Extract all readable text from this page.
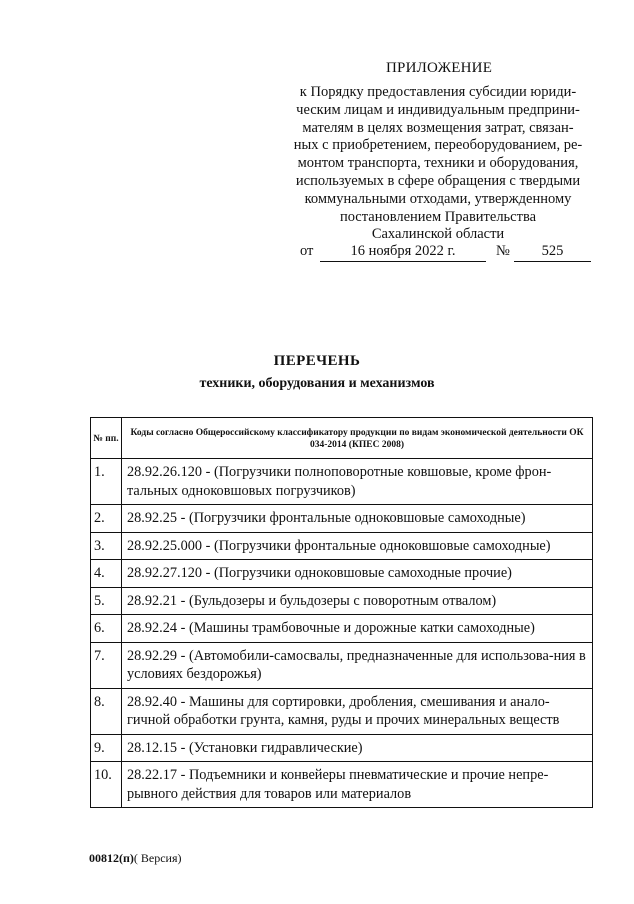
ПРИЛОЖЕНИЕ
к Порядку предоставления субсидии юриди-
ческим лицам и индивидуальным предприни-
мателям в целях возмещения затрат, связан-
ных с приобретением, переоборудованием, ре-
монтом транспорта, техники и оборудования,
используемых в сфере обращения с твердыми
коммунальными отходами, утвержденному
постановлением Правительства
Сахалинской области
от	16 ноября 2022 г.	№	525
ПЕРЕЧЕНЬ
техники, оборудования и механизмов
№ пп.	Коды согласно Общероссийскому классификатору продукции по видам экономической деятельности ОК 034-2014 (КПЕС 2008)
1.	28.92.26.120 - (Погрузчики полноповоротные ковшовые, кроме фрон-тальных одноковшовых погрузчиков)
2.	28.92.25 - (Погрузчики фронтальные одноковшовые самоходные)
3.	28.92.25.000 - (Погрузчики фронтальные одноковшовые самоходные)
4.	28.92.27.120 - (Погрузчики одноковшовые самоходные прочие)
5.	28.92.21 - (Бульдозеры и бульдозеры с поворотным отвалом)
6.	28.92.24 - (Машины трамбовочные и дорожные катки самоходные)
7.	28.92.29 - (Автомобили-самосвалы, предназначенные для использова-ния в условиях бездорожья)
8.	28.92.40 - Машины для сортировки, дробления, смешивания и анало-гичной обработки грунта, камня, руды и прочих минеральных веществ
9.	28.12.15 - (Установки гидравлические)
10.	28.22.17 - Подъемники и конвейеры пневматические и прочие непре-рывного действия для товаров или материалов
00812(п)( Версия)
